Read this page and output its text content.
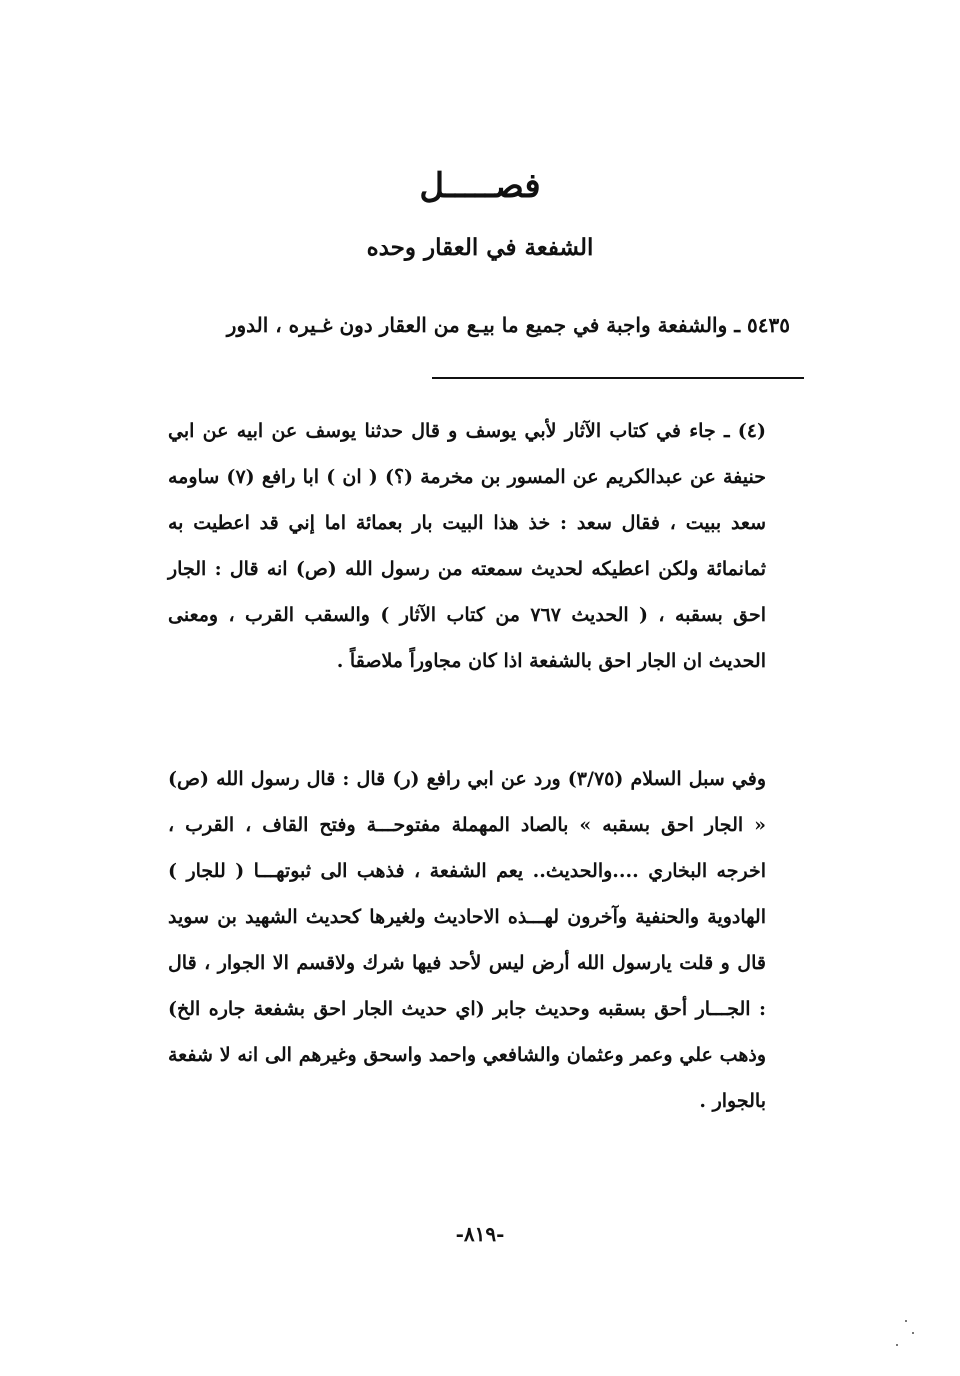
فصـــــل
الشفعة في العقار وحده
٥٤٣٥ ـ والشفعة واجبة في جميع ما بيـع من العقار دون غـيره ، الدور
(٤) ـ جاء في كتاب الآثار لأبي يوسف و قال حدثنا يوسف عن ابيه عن ابي حنيفة عن عبدالكريم عن المسور بن مخرمة (؟) ( ان ) ابا رافع (٧) ساومه سعد ببيت ، فقال سعد : خذ هذا البيت بار بعمائة اما إني قد اعطيت به ثمانمائة ولكن اعطيكه لحديث سمعته من رسول الله (ص) انه قال : الجار احق بسقبه ، ( الحديث ٧٦٧ من كتاب الآثار ) والسقب القرب ، ومعنى الحديث ان الجار احق بالشفعة اذا كان مجاوراً ملاصقاً .
وفي سبل السلام (٣/٧٥) ورد عن ابي رافع (ر) قال : قال رسول الله (ص) « الجار احق بسقبه » بالصاد المهملة مفتوحـــة وفتح القاف ، القرب ، اخرجه البخاري ....والحديث.. يعم الشفعة ، فذهب الى ثبوتهـــا ( للجار ) الهادوية والحنفية وآخرون لهـــذه الاحاديث ولغيرها كحديث الشهيد بن سويد قال و قلت يارسول الله أرض ليس لأحد فيها شرك ولاقسم الا الجوار ، قال : الجـــار أحق بسقبه وحديث جابر (اي حديث الجار احق بشفعة جاره الخ) وذهب علي وعمر وعثمان والشافعي واحمد واسحق وغيرهم الى انه لا شفعة بالجوار .
-٨١٩-
